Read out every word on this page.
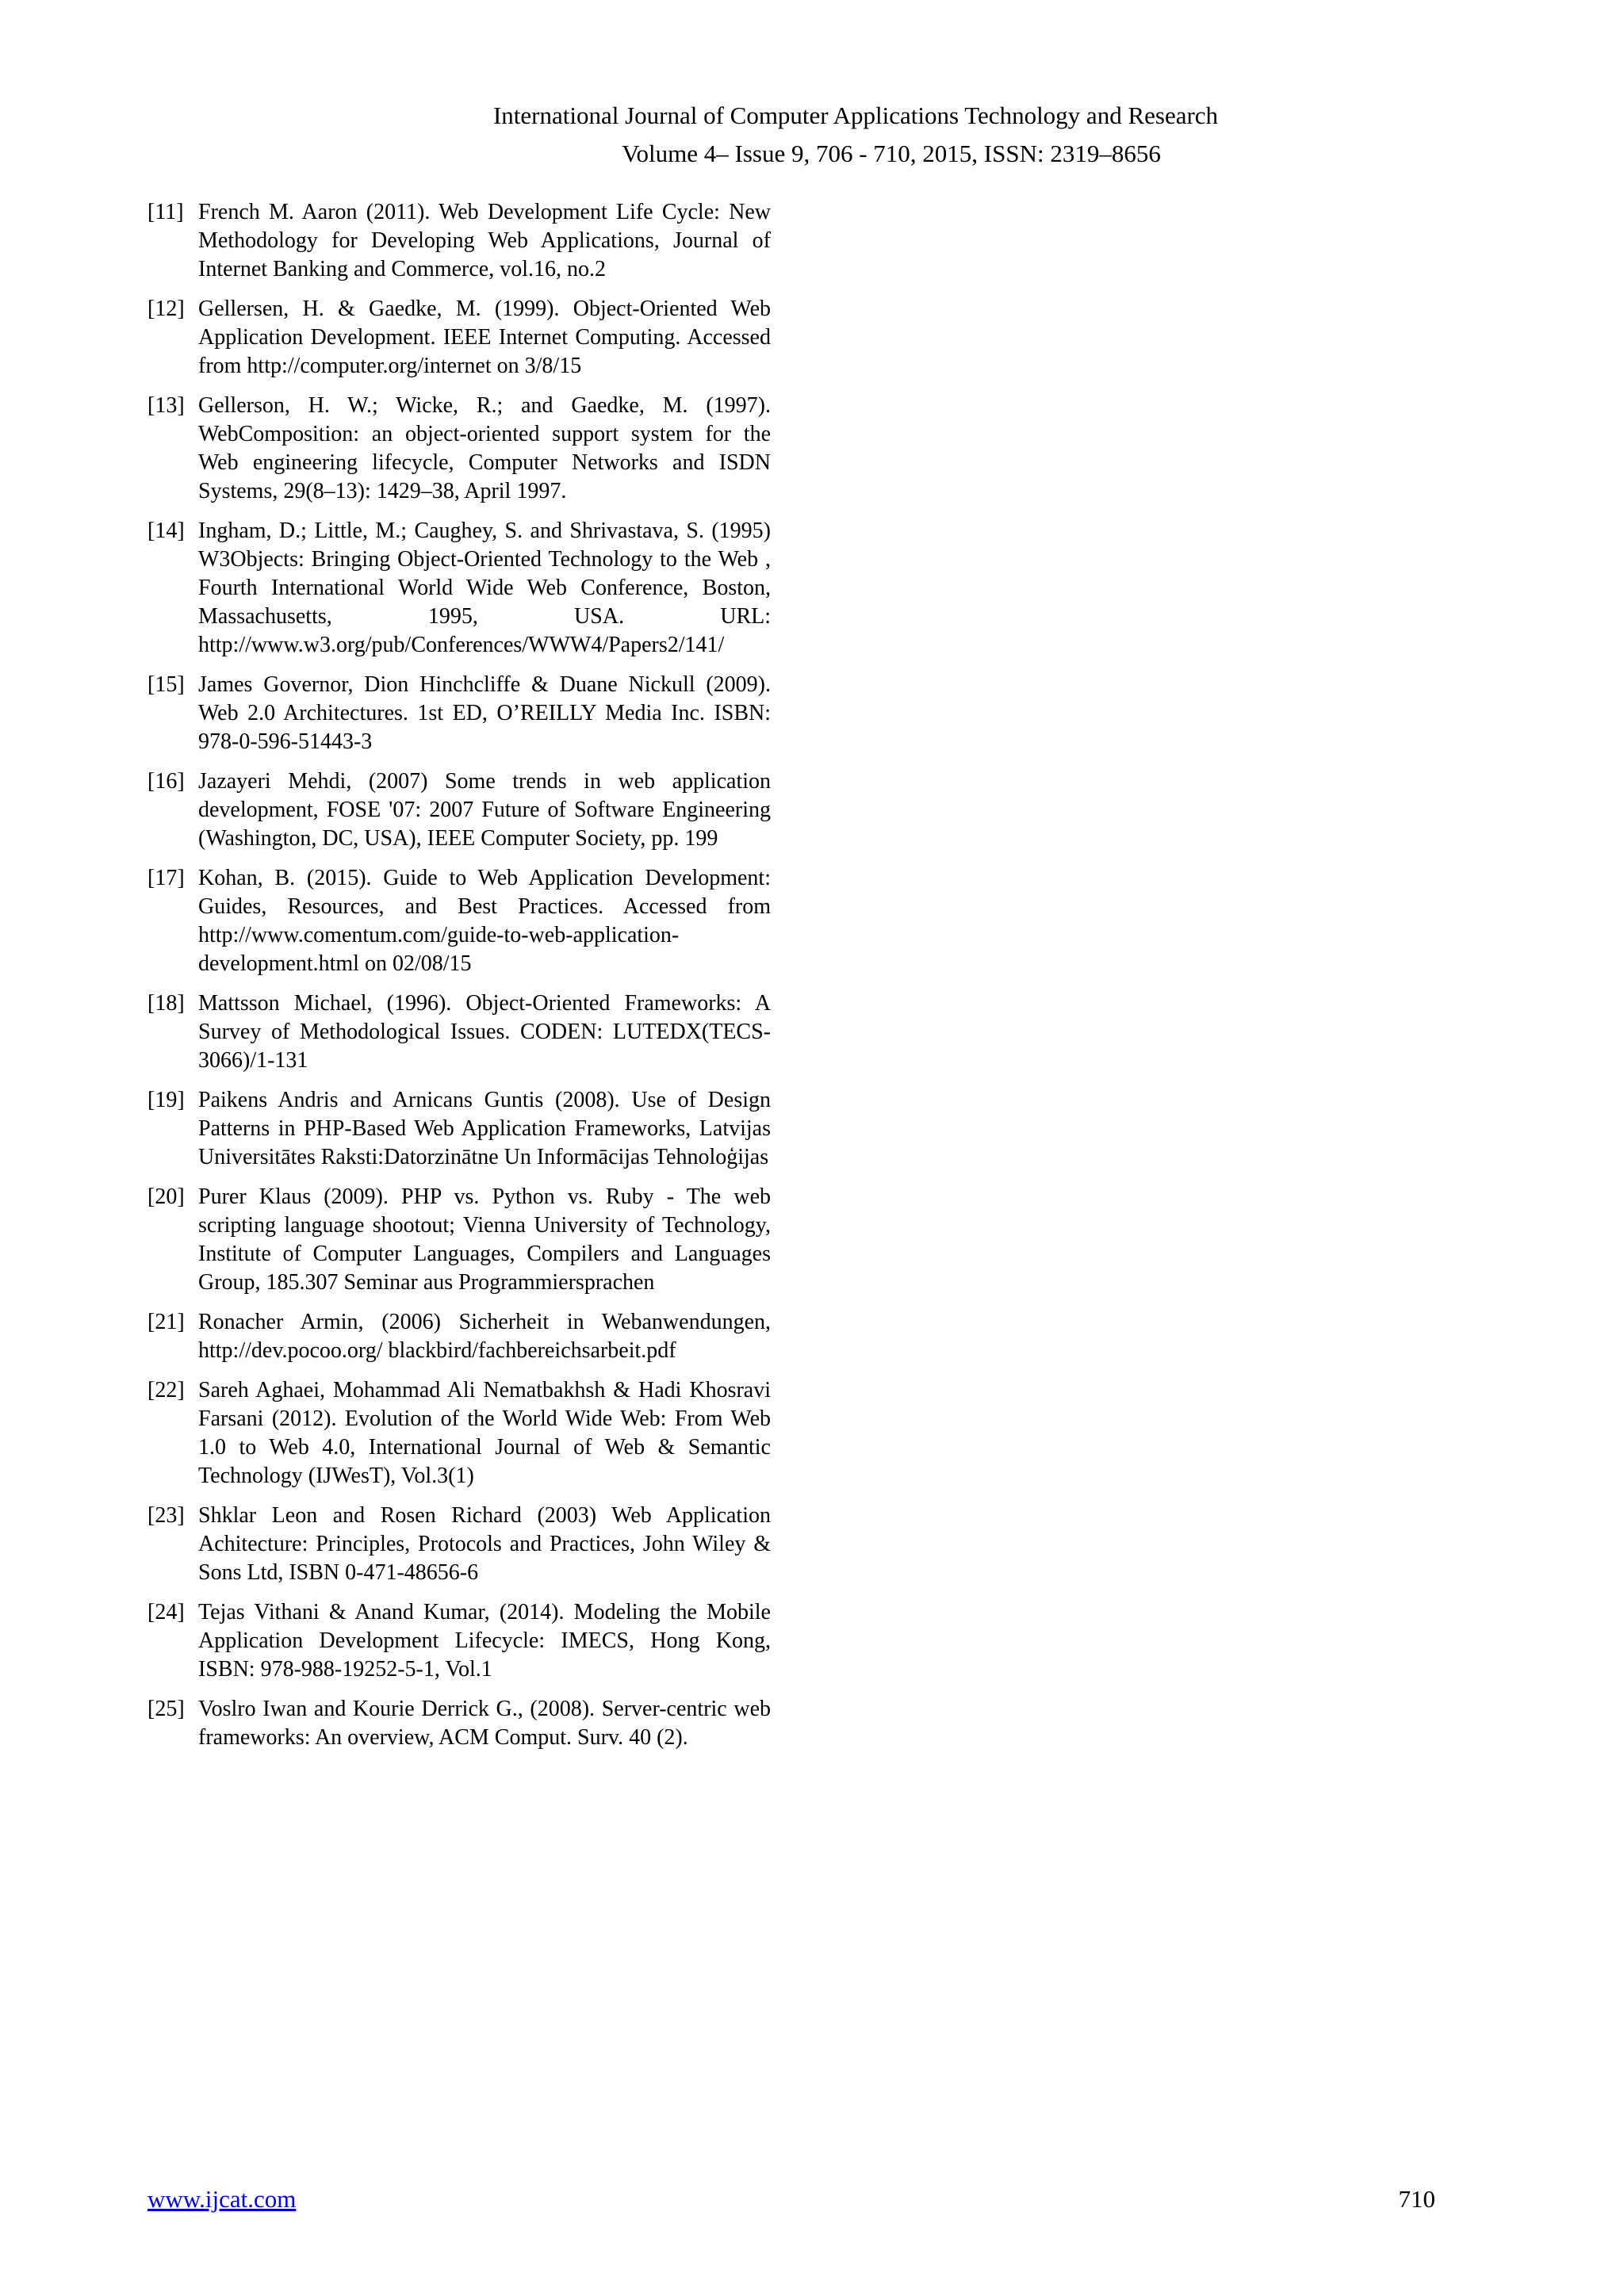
International Journal of Computer Applications Technology and Research
Volume 4– Issue 9, 706 - 710, 2015, ISSN: 2319–8656
[11] French M. Aaron (2011). Web Development Life Cycle: New Methodology for Developing Web Applications, Journal of Internet Banking and Commerce, vol.16, no.2
[12] Gellersen, H. & Gaedke, M. (1999). Object-Oriented Web Application Development. IEEE Internet Computing. Accessed from http://computer.org/internet on 3/8/15
[13] Gellerson, H. W.; Wicke, R.; and Gaedke, M. (1997). WebComposition: an object-oriented support system for the Web engineering lifecycle, Computer Networks and ISDN Systems, 29(8–13): 1429–38, April 1997.
[14] Ingham, D.; Little, M.; Caughey, S. and Shrivastava, S. (1995) W3Objects: Bringing Object-Oriented Technology to the Web , Fourth International World Wide Web Conference, Boston, Massachusetts, 1995, USA. URL: http://www.w3.org/pub/Conferences/WWW4/Papers2/141/
[15] James Governor, Dion Hinchcliffe & Duane Nickull (2009). Web 2.0 Architectures. 1st ED, O’REILLY Media Inc. ISBN: 978-0-596-51443-3
[16] Jazayeri Mehdi, (2007) Some trends in web application development, FOSE '07: 2007 Future of Software Engineering (Washington, DC, USA), IEEE Computer Society, pp. 199
[17] Kohan, B. (2015). Guide to Web Application Development: Guides, Resources, and Best Practices. Accessed from http://www.comentum.com/guide-to-web-application-development.html on 02/08/15
[18] Mattsson Michael, (1996). Object-Oriented Frameworks: A Survey of Methodological Issues. CODEN: LUTEDX(TECS-3066)/1-131
[19] Paikens Andris and Arnicans Guntis (2008). Use of Design Patterns in PHP-Based Web Application Frameworks, Latvijas Universitātes Raksti:Datorzinātne Un Informācijas Tehnoloģijas
[20] Purer Klaus (2009). PHP vs. Python vs. Ruby - The web scripting language shootout; Vienna University of Technology, Institute of Computer Languages, Compilers and Languages Group, 185.307 Seminar aus Programmiersprachen
[21] Ronacher Armin, (2006) Sicherheit in Webanwendungen, http://dev.pocoo.org/ blackbird/fachbereichsarbeit.pdf
[22] Sareh Aghaei, Mohammad Ali Nematbakhsh & Hadi Khosravi Farsani (2012). Evolution of the World Wide Web: From Web 1.0 to Web 4.0, International Journal of Web & Semantic Technology (IJWesT), Vol.3(1)
[23] Shklar Leon and Rosen Richard (2003) Web Application Achitecture: Principles, Protocols and Practices, John Wiley & Sons Ltd, ISBN 0-471-48656-6
[24] Tejas Vithani & Anand Kumar, (2014). Modeling the Mobile Application Development Lifecycle: IMECS, Hong Kong, ISBN: 978-988-19252-5-1, Vol.1
[25] Voslro Iwan and Kourie Derrick G., (2008). Server-centric web frameworks: An overview, ACM Comput. Surv. 40 (2).
www.ijcat.com	710
